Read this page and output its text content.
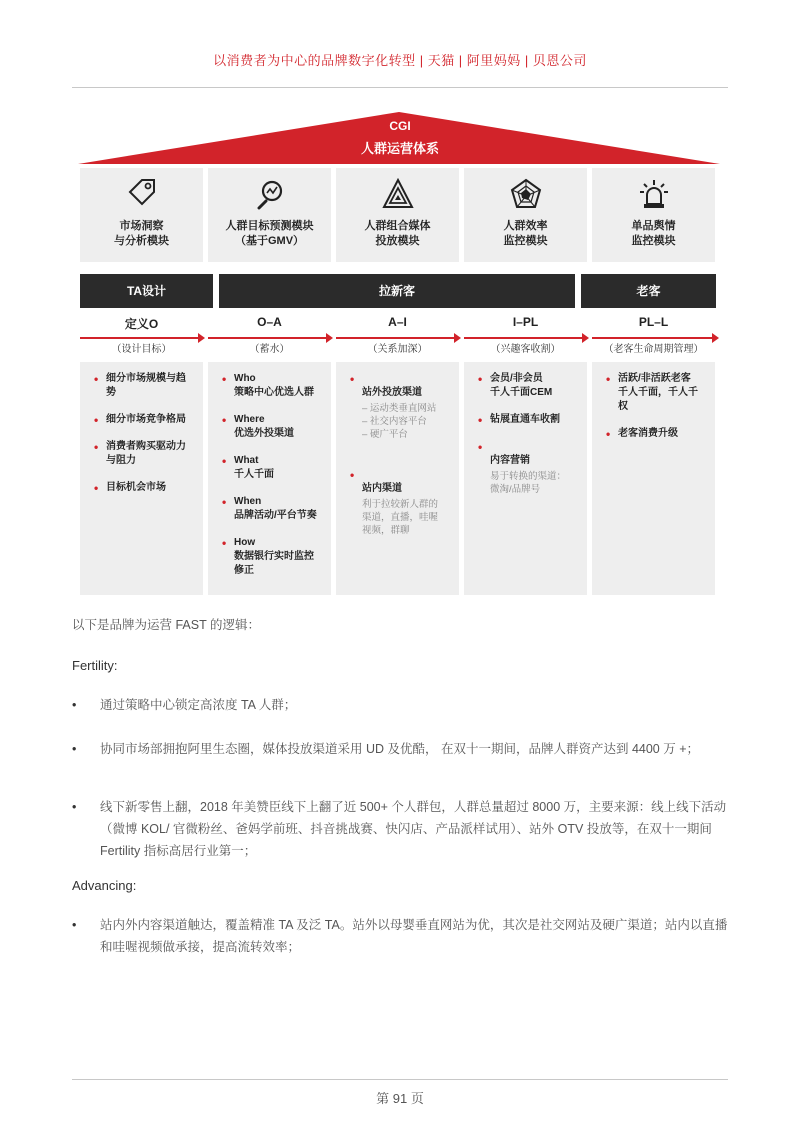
以消费者为中心的品牌数字化转型 | 天猫 | 阿里妈妈 | 贝恩公司
CGI
人群运营体系
市场洞察
与分析模块
人群目标预测模块
（基于GMV）
人群组合媒体
投放模块
人群效率
监控模块
单品舆情
监控模块
TA设计	拉新客	老客
定义O	O–A	A–I	I–PL	PL–L
（设计目标）	（蓄水）	（关系加深）	（兴趣客收割）	（老客生命周期管理）
• 细分市场规模与趋势
• 细分市场竞争格局
• 消费者购买驱动力
与阻力
• 目标机会市场
• Who
策略中心优选人群
• Where
优选外投渠道
• What
千人千面
• When
品牌活动/平台节奏
• How
数据银行实时监控
修正

• 站外投放渠道

– 运动类垂直网站
– 社交内容平台
– 硬广平台

• 站内渠道

利于拉较新人群的
渠道，直播，哇喔
视频，群聊

• 会员/非会员
千人千面CEM
• 钻展直通车收割

• 内容营销

易于转换的渠道：
微淘/品牌号

• 活跃/非活跃老客
千人千面，千人千权
• 老客消费升级
以下是品牌为运营 FAST 的逻辑：
Fertility:
• 通过策略中心锁定高浓度 TA 人群；
• 协同市场部拥抱阿里生态圈，媒体投放渠道采用 UD 及优酷， 在双十一期间，品牌人群资产达到 4400 万 +；
• 线下新零售上翻，2018 年美赞臣线下上翻了近 500+ 个人群包，人群总量超过 8000 万，主要来源：线上线下活动（微博 KOL/ 官微粉丝、爸妈学前班、抖音挑战赛、快闪店、产品派样试用）、站外 OTV 投放等，在双十一期间 Fertility 指标高居行业第一；
Advancing:
• 站内外内容渠道触达，覆盖精准 TA 及泛 TA。站外以母婴垂直网站为优，其次是社交网站及硬广渠道；站内以直播和哇喔视频做承接，提高流转效率；
第 91 页
